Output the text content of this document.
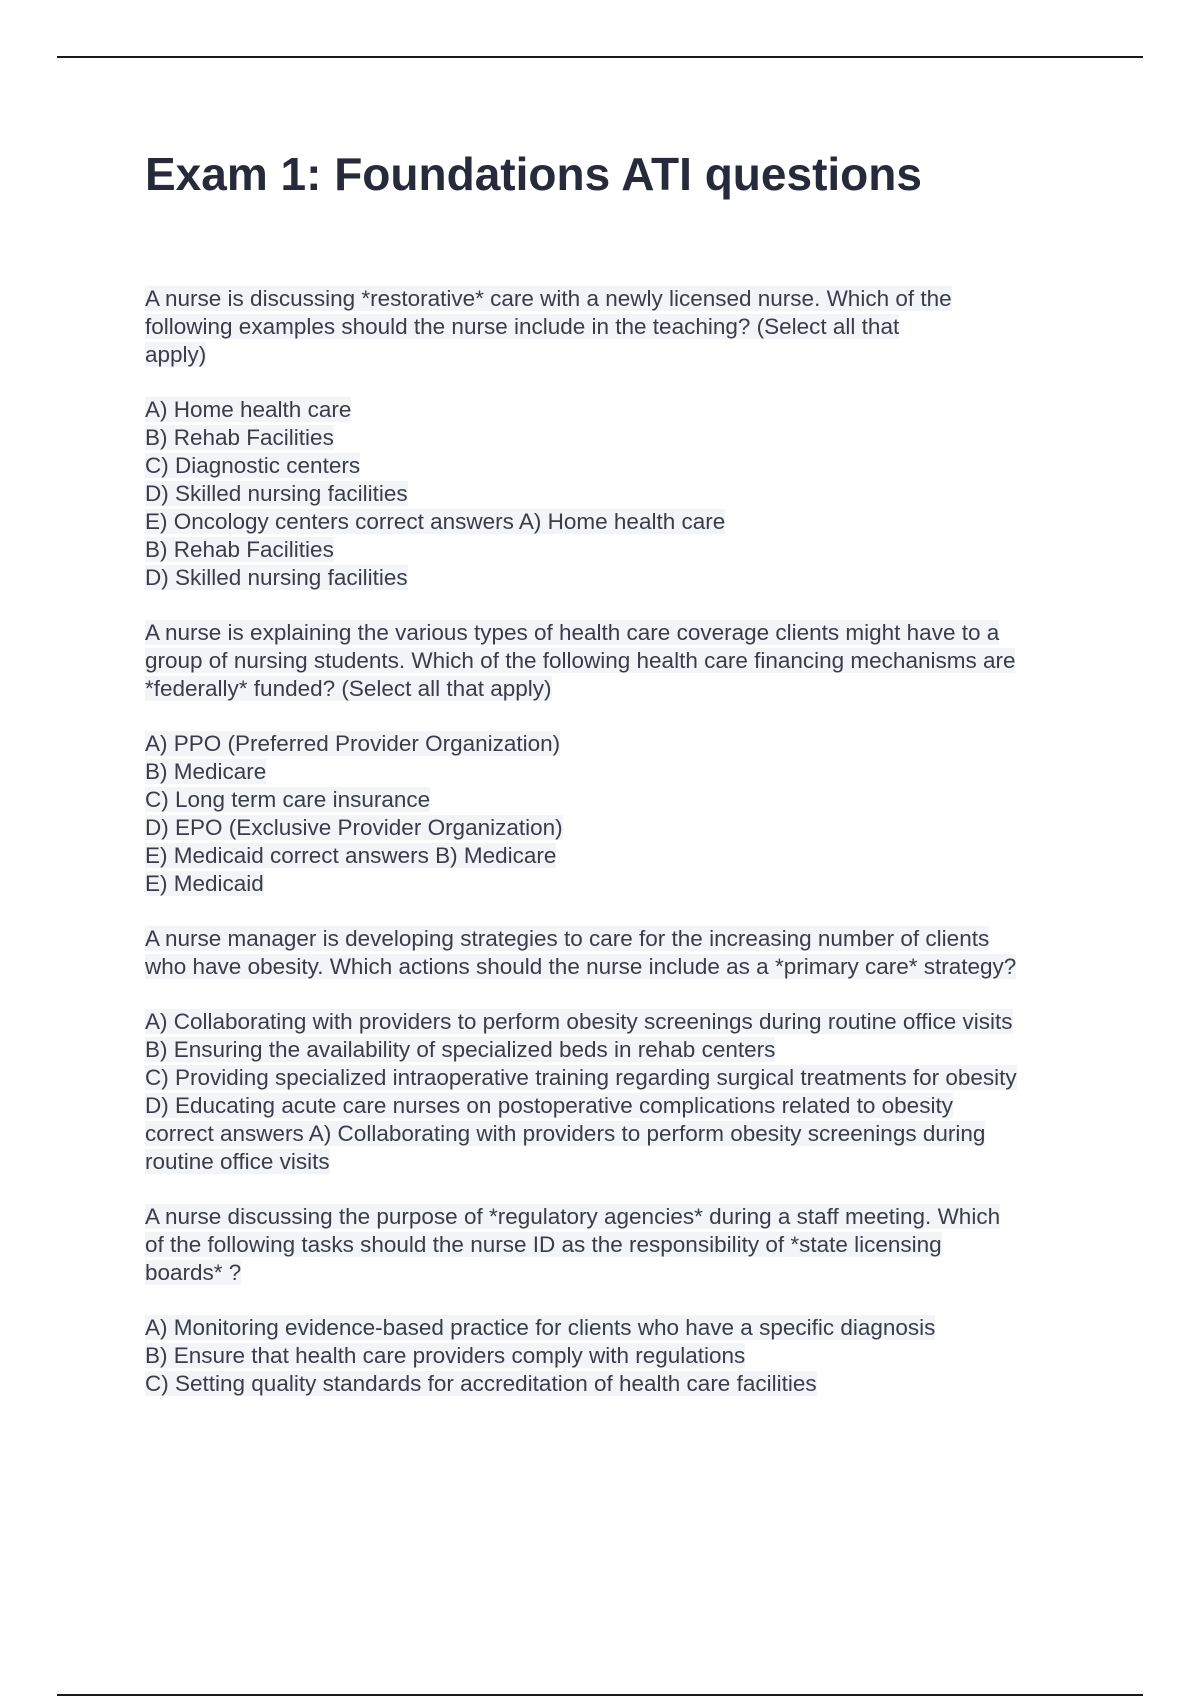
Exam 1: Foundations ATI questions
A nurse is discussing *restorative* care with a newly licensed nurse. Which of the
following examples should the nurse include in the teaching? (Select all that
apply)
A) Home health care
B) Rehab Facilities
C) Diagnostic centers
D) Skilled nursing facilities
E) Oncology centers correct answers A) Home health care
B) Rehab Facilities
D) Skilled nursing facilities
A nurse is explaining the various types of health care coverage clients might have to a
group of nursing students. Which of the following health care financing mechanisms are
*federally* funded? (Select all that apply)
A) PPO (Preferred Provider Organization)
B) Medicare
C) Long term care insurance
D) EPO (Exclusive Provider Organization)
E) Medicaid correct answers B) Medicare
E) Medicaid
A nurse manager is developing strategies to care for the increasing number of clients
who have obesity. Which actions should the nurse include as a *primary care* strategy?
A) Collaborating with providers to perform obesity screenings during routine office visits
B) Ensuring the availability of specialized beds in rehab centers
C) Providing specialized intraoperative training regarding surgical treatments for obesity
D) Educating acute care nurses on postoperative complications related to obesity
correct answers A) Collaborating with providers to perform obesity screenings during
routine office visits
A nurse discussing the purpose of *regulatory agencies* during a staff meeting. Which
of the following tasks should the nurse ID as the responsibility of *state licensing
boards* ?
A) Monitoring evidence-based practice for clients who have a specific diagnosis
B) Ensure that health care providers comply with regulations
C) Setting quality standards for accreditation of health care facilities
